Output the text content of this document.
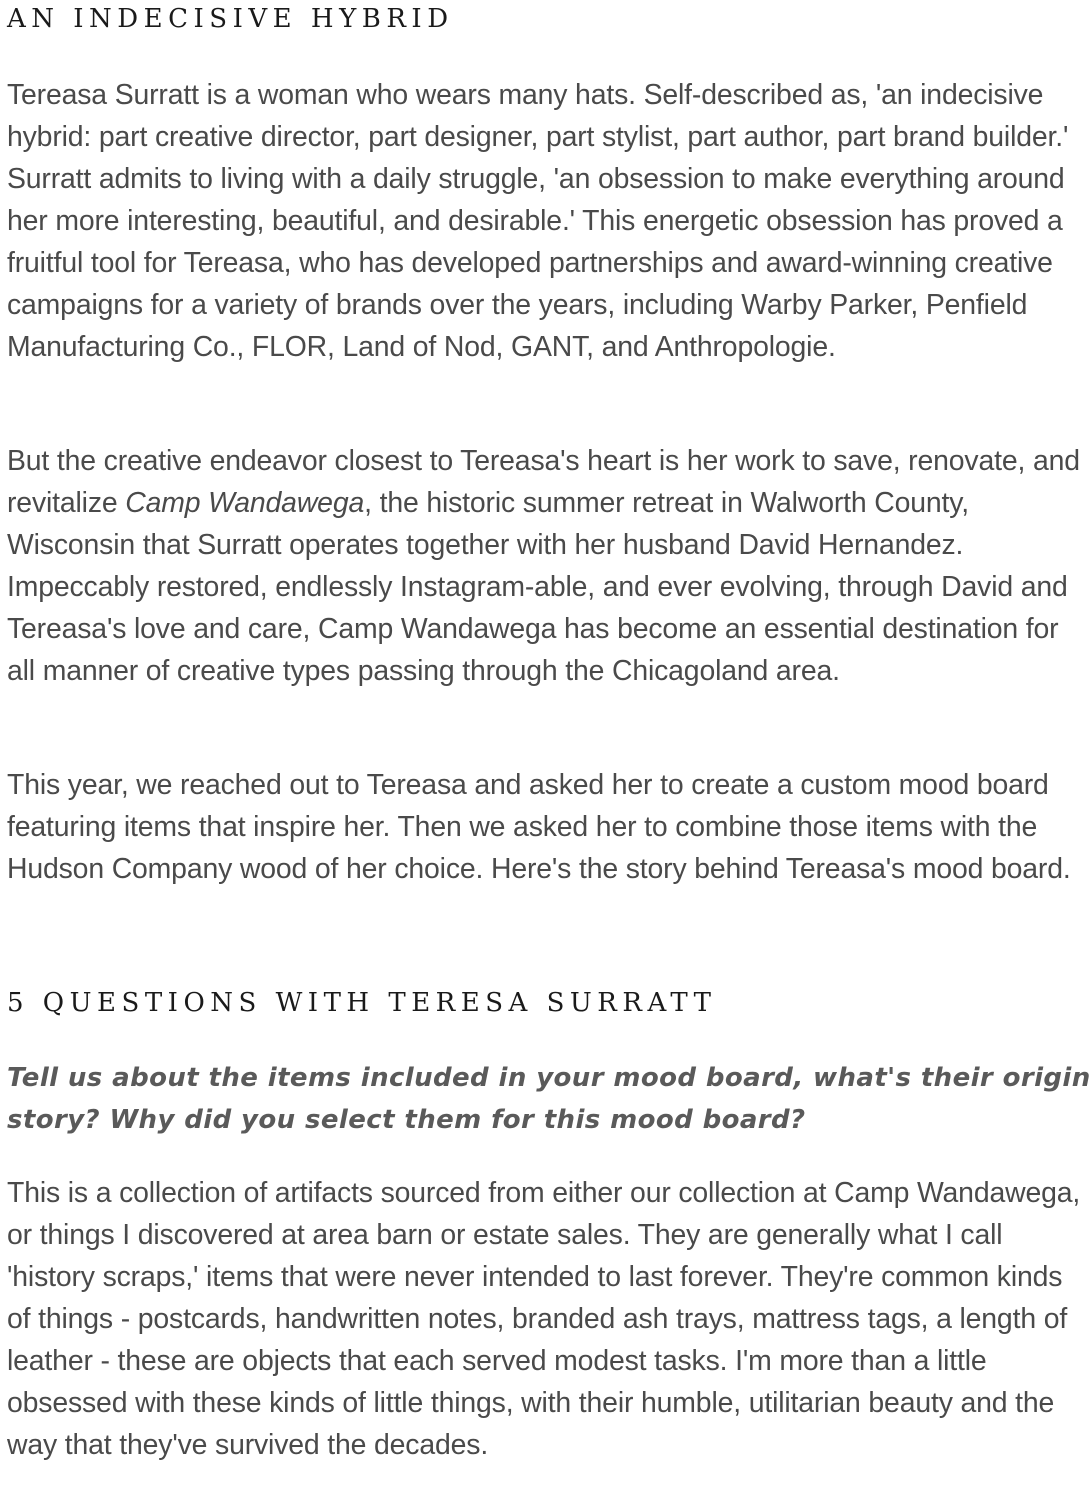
AN INDECISIVE HYBRID

Tereasa Surratt is a woman who wears many hats. Self-described as, 'an indecisive hybrid: part creative director, part designer, part stylist, part author, part brand builder.' Surratt admits to living with a daily struggle, 'an obsession to make everything around her more interesting, beautiful, and desirable.' This energetic obsession has proved a fruitful tool for Tereasa, who has developed partnerships and award-winning creative campaigns for a variety of brands over the years, including Warby Parker, Penfield Manufacturing Co., FLOR, Land of Nod, GANT, and Anthropologie.

But the creative endeavor closest to Tereasa's heart is her work to save, renovate, and revitalize Camp Wandawega, the historic summer retreat in Walworth County, Wisconsin that Surratt operates together with her husband David Hernandez. Impeccably restored, endlessly Instagram-able, and ever evolving, through David and Tereasa's love and care, Camp Wandawega has become an essential destination for all manner of creative types passing through the Chicagoland area.

This year, we reached out to Tereasa and asked her to create a custom mood board featuring items that inspire her. Then we asked her to combine those items with the Hudson Company wood of her choice. Here's the story behind Tereasa's mood board.

5 QUESTIONS WITH TERESA SURRATT

Tell us about the items included in your mood board, what's their origin story? Why did you select them for this mood board?

This is a collection of artifacts sourced from either our collection at Camp Wandawega, or things I discovered at area barn or estate sales. They are generally what I call 'history scraps,' items that were never intended to last forever. They're common kinds of things - postcards, handwritten notes, branded ash trays, mattress tags, a length of leather - these are objects that each served modest tasks. I'm more than a little obsessed with these kinds of little things, with their humble, utilitarian beauty and the way that they've survived the decades.
